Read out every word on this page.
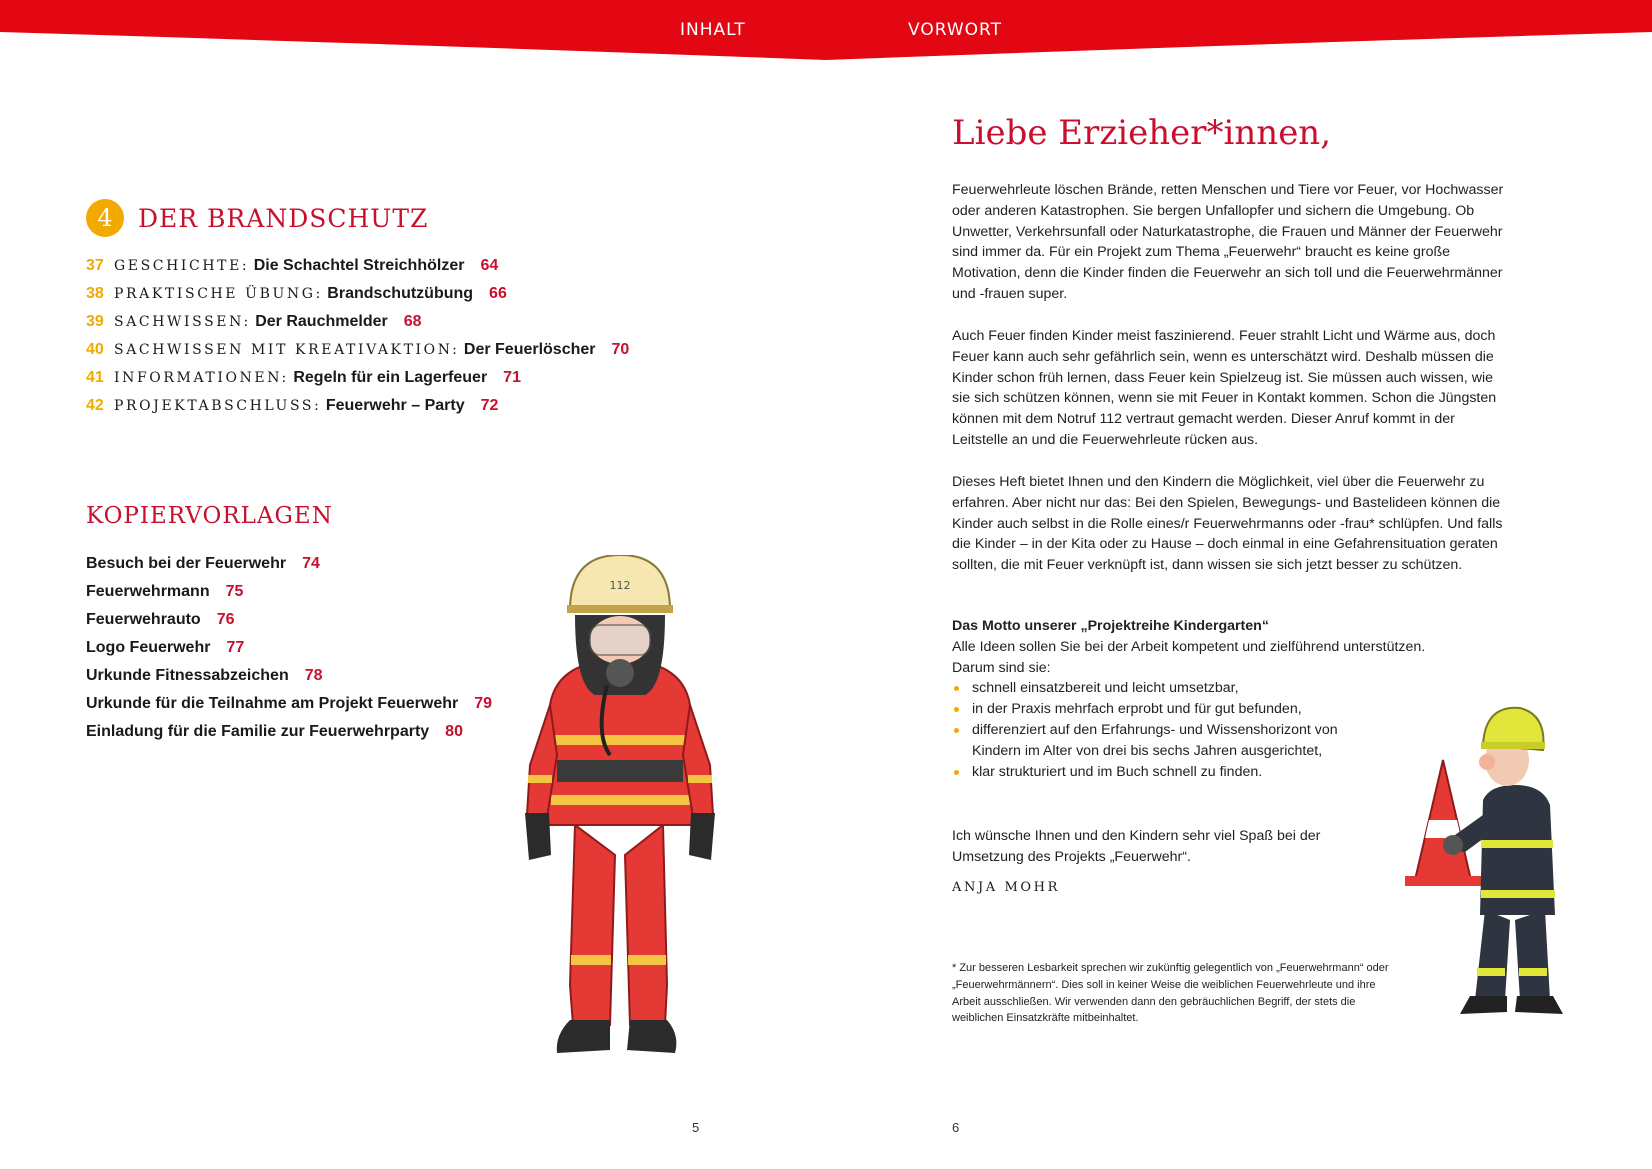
INHALT	VORWORT
4	DER BRANDSCHUTZ
37 GESCHICHTE:
Die Schachtel Streichhölzer 64
38 PRAKTISCHE ÜBUNG:
Brandschutzübung 66
39 SACHWISSEN:
Der Rauchmelder 68
40 SACHWISSEN MIT KREATIVAKTION:
Der Feuerlöscher 70
41 INFORMATIONEN:
Regeln für ein Lagerfeuer 71
42 PROJEKTABSCHLUSS:
Feuerwehr – Party 72
KOPIERVORLAGEN
Besuch bei der Feuerwehr 74
Feuerwehrmann 75
Feuerwehrauto 76
Logo Feuerwehr 77
Urkunde Fitnessabzeichen 78
Urkunde für die Teilnahme am Projekt Feuerwehr 79
Einladung für die Familie zur Feuerwehrparty 80
112
5
Liebe Erzieher*innen,
Feuerwehrleute löschen Brände, retten Menschen und Tiere vor Feuer, vor Hochwasser oder anderen Katastrophen. Sie bergen Unfallopfer und sichern die Umgebung. Ob Unwetter, Verkehrsunfall oder Naturkatastrophe, die Frauen und Männer der Feuerwehr sind immer da. Für ein Projekt zum Thema „Feuerwehr“ braucht es keine große Motivation, denn die Kinder finden die Feuerwehr an sich toll und die Feuerwehrmänner und -frauen super.
Auch Feuer finden Kinder meist faszinierend. Feuer strahlt Licht und Wärme aus, doch Feuer kann auch sehr gefährlich sein, wenn es unterschätzt wird. Deshalb müssen die Kinder schon früh lernen, dass Feuer kein Spielzeug ist. Sie müssen auch wissen, wie sie sich schützen können, wenn sie mit Feuer in Kontakt kommen. Schon die Jüngsten können mit dem Notruf 112 vertraut gemacht werden. Dieser Anruf kommt in der Leitstelle an und die Feuerwehrleute rücken aus.
Dieses Heft bietet Ihnen und den Kindern die Möglichkeit, viel über die Feuerwehr zu erfahren. Aber nicht nur das: Bei den Spielen, Bewegungs- und Bastelideen können die Kinder auch selbst in die Rolle eines/r Feuerwehrmanns oder -frau* schlüpfen. Und falls die Kinder – in der Kita oder zu Hause – doch einmal in eine Gefahrensituation geraten sollten, die mit Feuer verknüpft ist, dann wissen sie sich jetzt besser zu schützen.
Das Motto unserer „Projektreihe Kindergarten“
Alle Ideen sollen Sie bei der Arbeit kompetent und zielführend unterstützen.
Darum sind sie:
schnell einsatzbereit und leicht umsetzbar,
in der Praxis mehrfach erprobt und für gut befunden,
differenziert auf den Erfahrungs- und Wissenshorizont von Kindern im Alter von drei bis sechs Jahren ausgerichtet,
klar strukturiert und im Buch schnell zu finden.
Ich wünsche Ihnen und den Kindern sehr viel Spaß bei der Umsetzung des Projekts „Feuerwehr“.
ANJA MOHR
* Zur besseren Lesbarkeit sprechen wir zukünftig gelegentlich von „Feuerwehrmann“ oder „Feuerwehrmännern“. Dies soll in keiner Weise die weiblichen Feuerwehrleute und ihre Arbeit ausschließen. Wir verwenden dann den gebräuchlichen Begriff, der stets die weiblichen Einsatzkräfte mitbeinhaltet.
6
